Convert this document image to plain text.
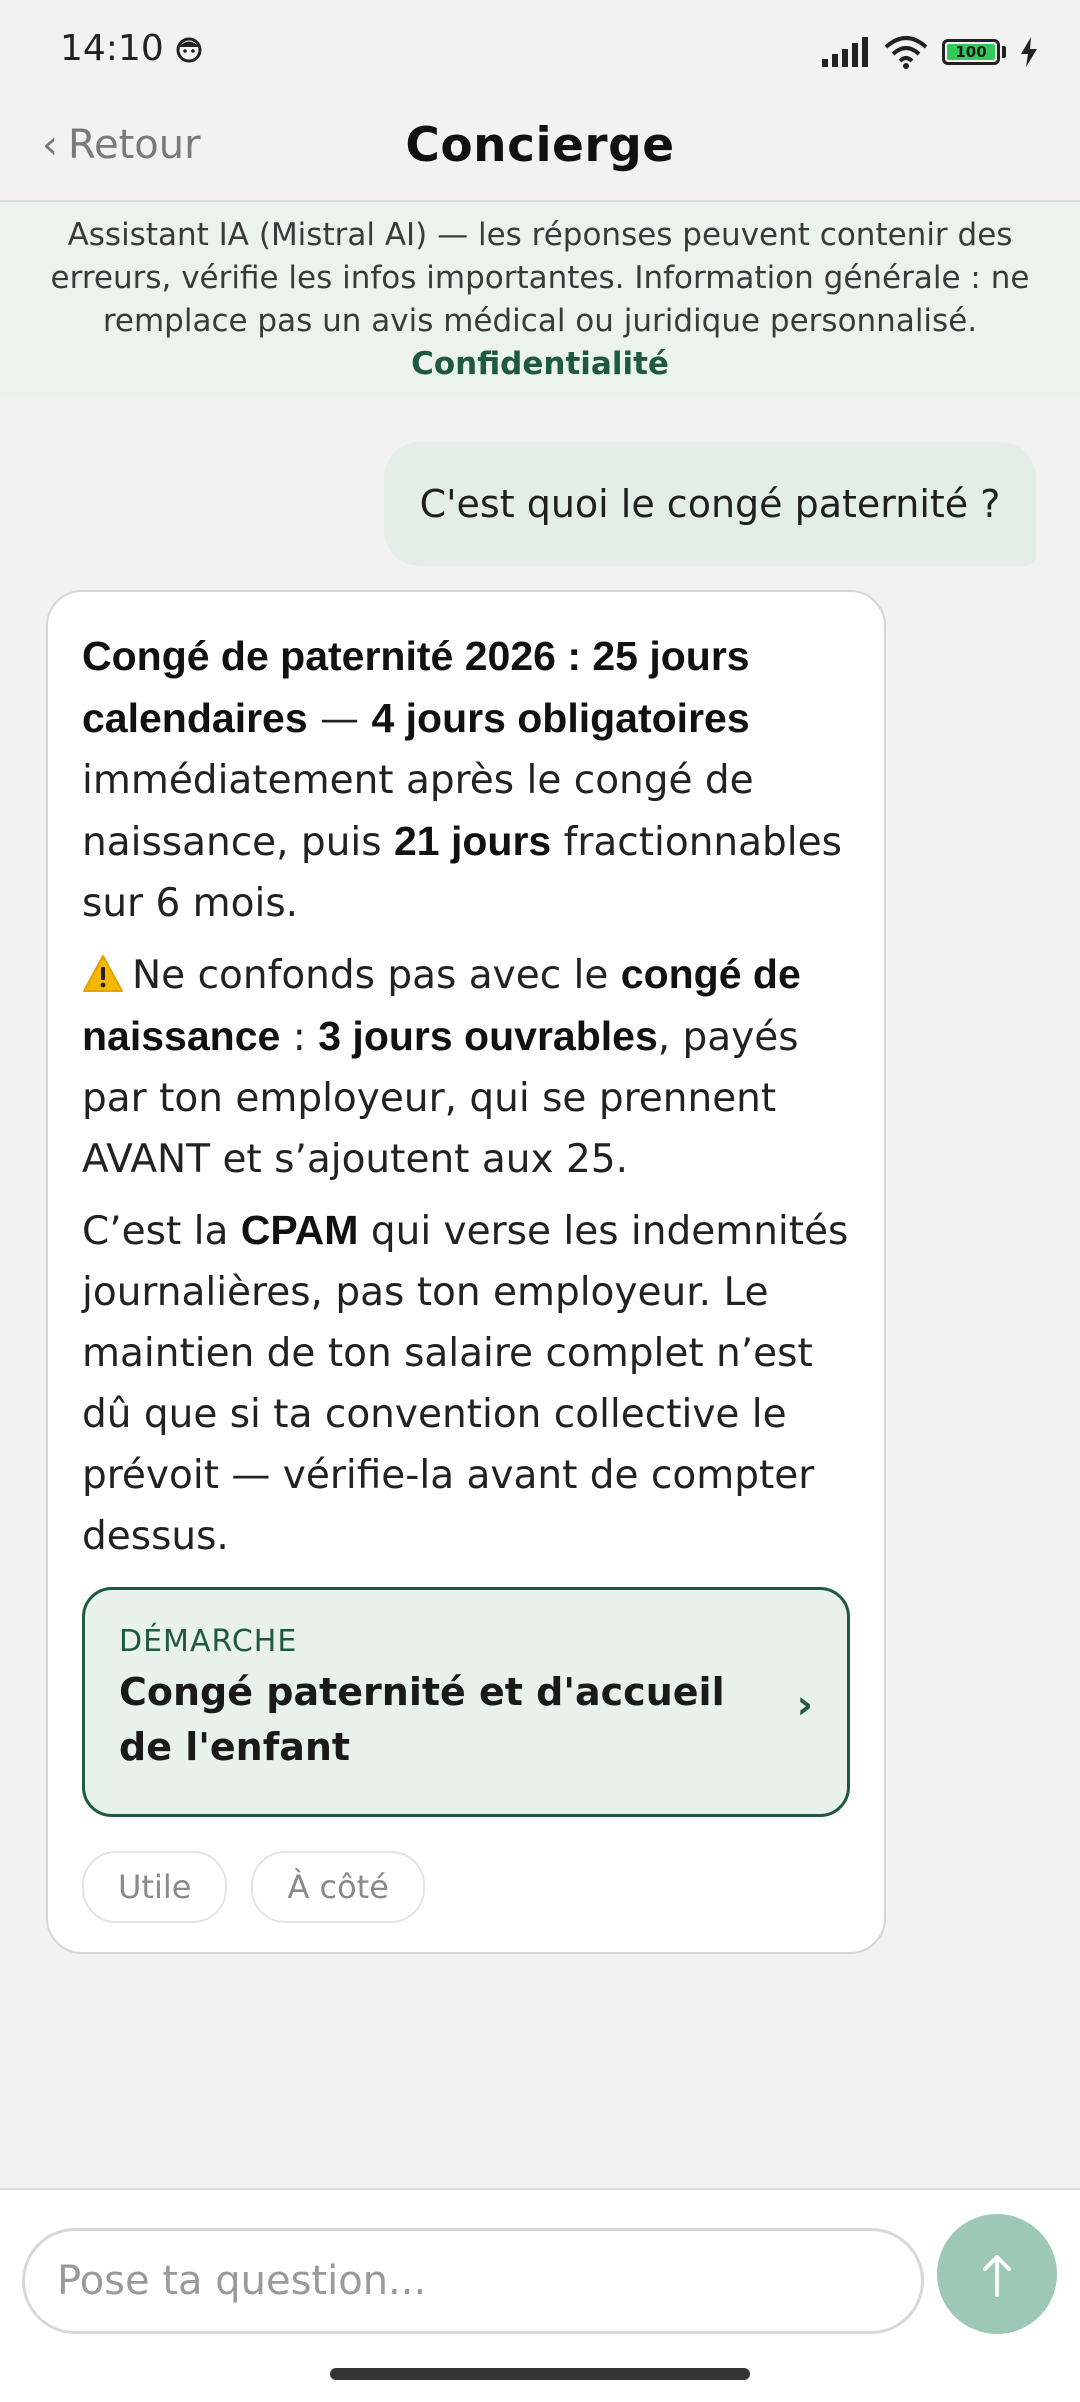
14:10	100
‹ Retour	Concierge
Assistant IA (Mistral AI) — les réponses peuvent contenir des erreurs, vérifie les infos importantes. Information générale : ne remplace pas un avis médical ou juridique personnalisé.
Confidentialité
C'est quoi le congé paternité ?

Congé de paternité 2026 : 25 jours calendaires — 4 jours obligatoires immédiatement après le congé de naissance, puis 21 jours fractionnables sur 6 mois.

Ne confonds pas avec le congé de naissance : 3 jours ouvrables, payés par ton employeur, qui se prennent AVANT et s’ajoutent aux 25.

C’est la CPAM qui verse les indemnités journalières, pas ton employeur. Le maintien de ton salaire complet n’est dû que si ta convention collective le prévoit — vérifie-la avant de compter dessus.

DÉMARCHE
Congé paternité et d'accueil de l'enfant
›
Utile	À côté
Pose ta question...
